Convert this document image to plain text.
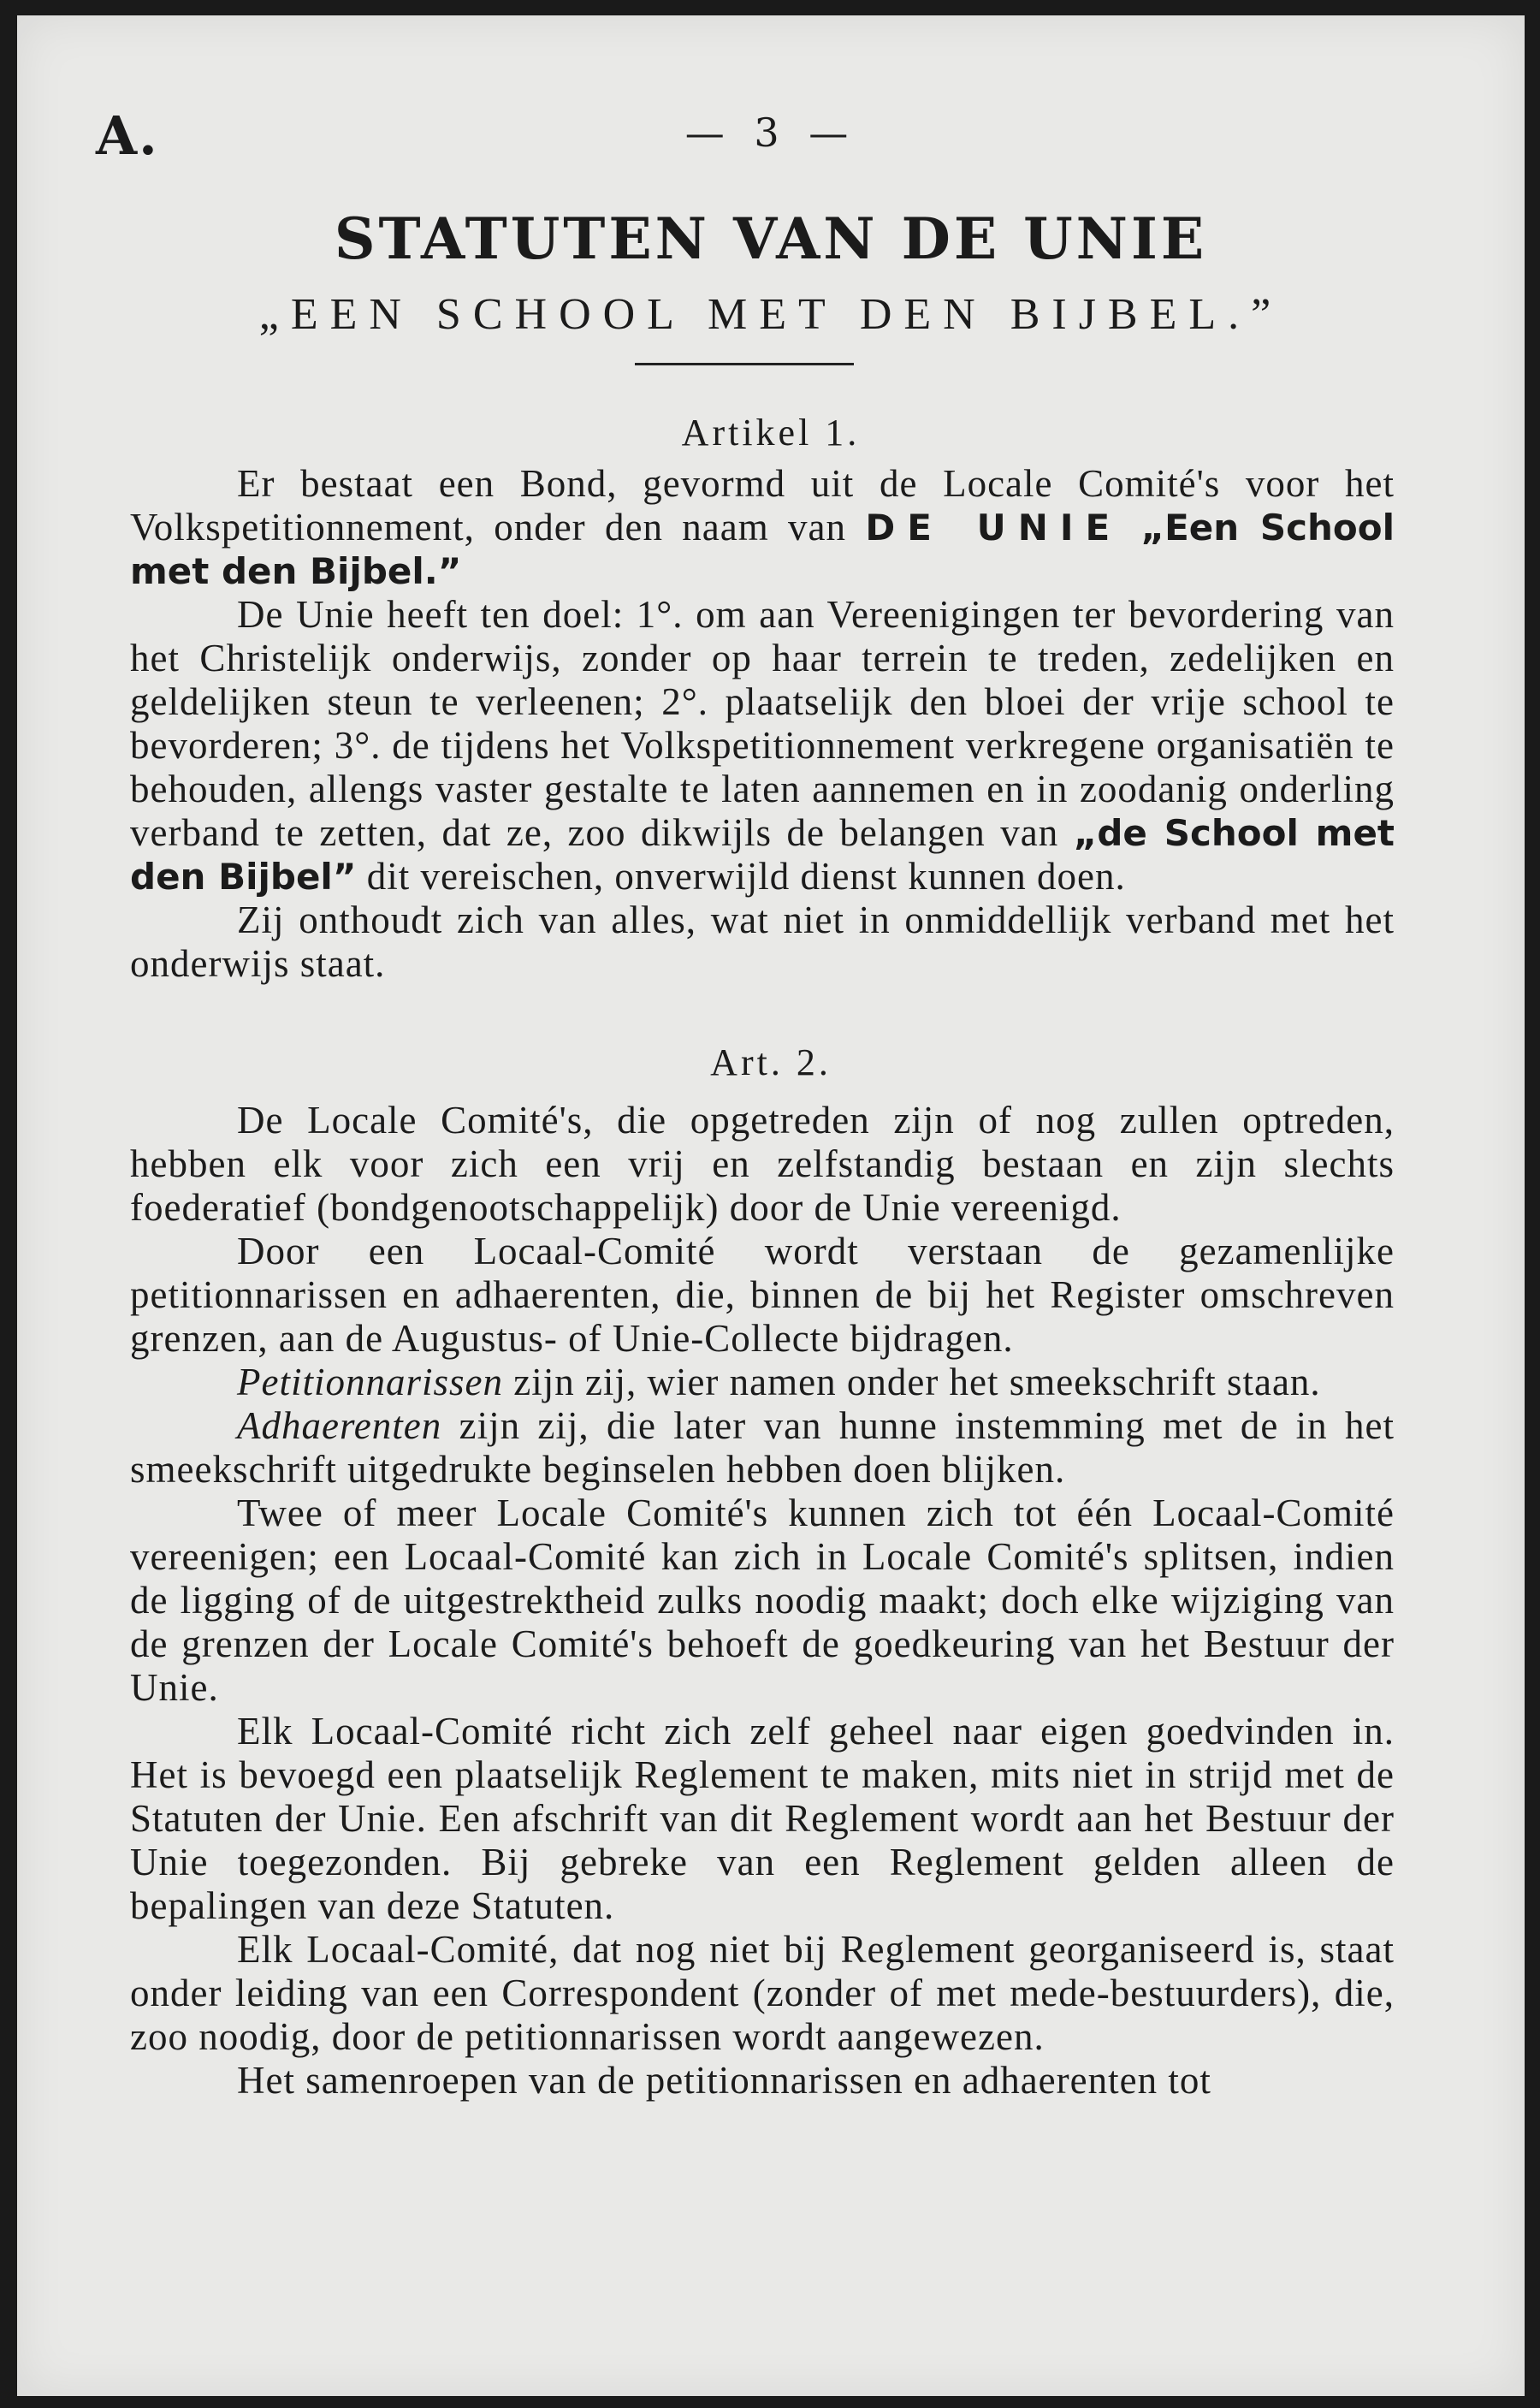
A.	— 3 —
STATUTEN VAN DE UNIE
„EEN SCHOOL MET DEN BIJBEL.”
Artikel 1.

Er bestaat een Bond, gevormd uit de Locale Comité's voor het Volkspetitionnement, onder den naam van DE UNIE „Een School met den Bijbel.”

De Unie heeft ten doel: 1°. om aan Vereenigingen ter bevordering van het Christelijk onderwijs, zonder op haar terrein te treden, zedelijken en geldelijken steun te verleenen; 2°. plaatselijk den bloei der vrije school te bevorderen; 3°. de tijdens het Volkspetitionnement verkregene organisatiën te behouden, allengs vaster gestalte te laten aannemen en in zoodanig onderling verband te zetten, dat ze, zoo dikwijls de belangen van „de School met den Bijbel” dit vereischen, onverwijld dienst kunnen doen.

Zij onthoudt zich van alles, wat niet in onmiddellijk verband met het onderwijs staat.

Art. 2.

De Locale Comité's, die opgetreden zijn of nog zullen optreden, hebben elk voor zich een vrij en zelfstandig bestaan en zijn slechts foederatief (bondgenootschappelijk) door de Unie vereenigd.

Door een Locaal-Comité wordt verstaan de gezamenlijke petitionnarissen en adhaerenten, die, binnen de bij het Register omschreven grenzen, aan de Augustus- of Unie-Collecte bijdragen.

Petitionnarissen zijn zij, wier namen onder het smeekschrift staan.

Adhaerenten zijn zij, die later van hunne instemming met de in het smeekschrift uitgedrukte beginselen hebben doen blijken.

Twee of meer Locale Comité's kunnen zich tot één Locaal-Comité vereenigen; een Locaal-Comité kan zich in Locale Comité's splitsen, indien de ligging of de uitgestrektheid zulks noodig maakt; doch elke wijziging van de grenzen der Locale Comité's behoeft de goedkeuring van het Bestuur der Unie.

Elk Locaal-Comité richt zich zelf geheel naar eigen goedvinden in. Het is bevoegd een plaatselijk Reglement te maken, mits niet in strijd met de Statuten der Unie. Een afschrift van dit Reglement wordt aan het Bestuur der Unie toegezonden. Bij gebreke van een Reglement gelden alleen de bepalingen van deze Statuten.

Elk Locaal-Comité, dat nog niet bij Reglement georganiseerd is, staat onder leiding van een Correspondent (zonder of met mede-bestuurders), die, zoo noodig, door de petitionnarissen wordt aangewezen.

Het samenroepen van de petitionnarissen en adhaerenten tot
